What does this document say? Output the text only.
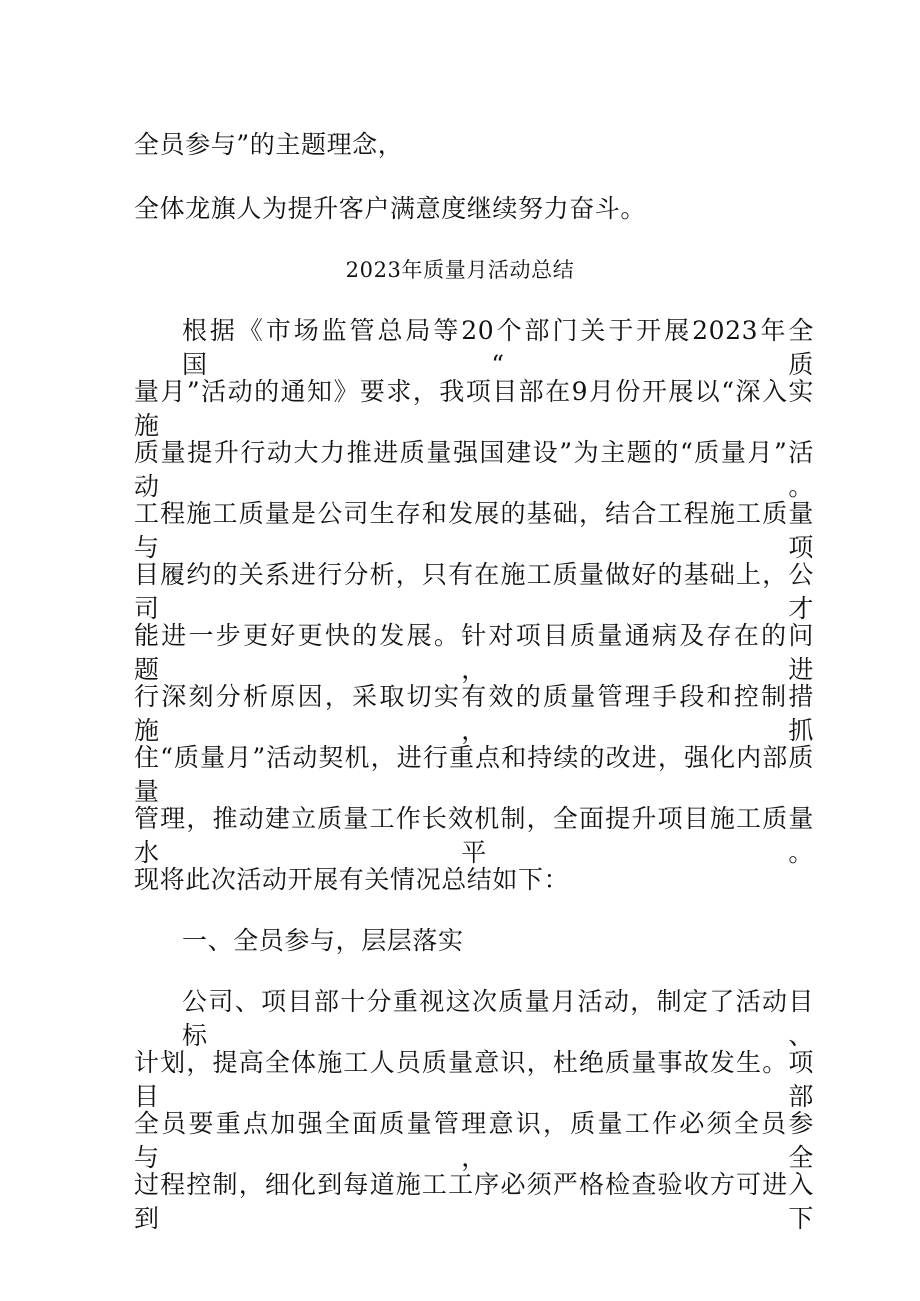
全员参与”的主题理念，
全体龙旗人为提升客户满意度继续努力奋斗。
2023年质量月活动总结
根据《市场监管总局等20个部门关于开展2023年全国“质
量月”活动的通知》要求，我项目部在9月份开展以“深入实施
质量提升行动大力推进质量强国建设”为主题的“质量月”活动。
工程施工质量是公司生存和发展的基础，结合工程施工质量与项
目履约的关系进行分析，只有在施工质量做好的基础上，公司才
能进一步更好更快的发展。针对项目质量通病及存在的问题，进
行深刻分析原因，采取切实有效的质量管理手段和控制措施，抓
住“质量月”活动契机，进行重点和持续的改进，强化内部质量
管理，推动建立质量工作长效机制，全面提升项目施工质量水平。
现将此次活动开展有关情况总结如下：
一、全员参与，层层落实
公司、项目部十分重视这次质量月活动，制定了活动目标、
计划，提高全体施工人员质量意识，杜绝质量事故发生。项目部
全员要重点加强全面质量管理意识，质量工作必须全员参与，全
过程控制，细化到每道施工工序必须严格检查验收方可进入到下
